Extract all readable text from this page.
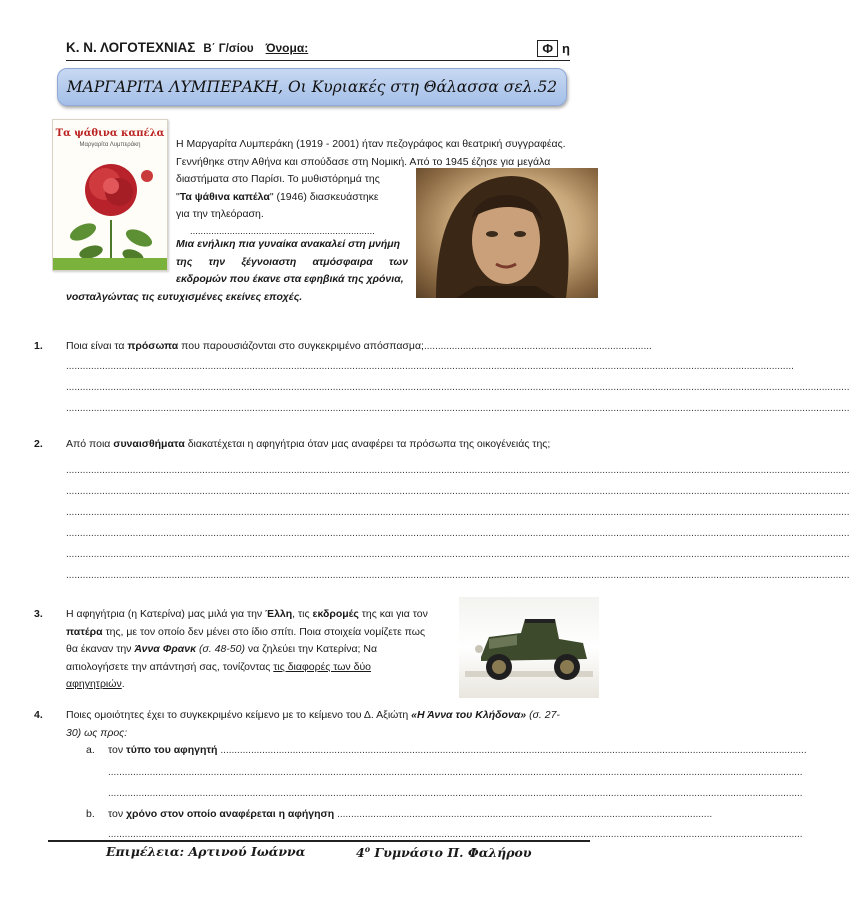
Κ. Ν. ΛΟΓΟΤΕΧΝΙΑΣ Β΄ Γ/σίου Όνομα:	Φ η
ΜΑΡΓΑΡΙΤΑ ΛΥΜΠΕΡΑΚΗ, Οι Κυριακές στη Θάλασσα σελ.52
Τα ψάθινα καπέλα
Μαργαρίτα Λυμπεράκη	Η Μαργαρίτα Λυμπεράκη (1919 - 2001) ήταν πεζογράφος και θεατρική συγγραφέας.

Γεννήθηκε στην Αθήνα και σπούδασε στη Νομική. Από το 1945 έζησε για μεγάλα

διαστήματα στο Παρίσι. Το μυθιστόρημά της

"Τα ψάθινα καπέλα" (1946) διασκευάστηκε

για την τηλεόραση.

......................................................................

Μια ενήλικη πια γυναίκα ανακαλεί στη μνήμη
της την ξέγνοιαστη ατμόσφαιρα των
εκδρομών που έκανε στα εφηβικά της χρόνια,
νοσταλγώντας τις ευτυχισμένες εκείνες εποχές.
1. Ποια είναι τα πρόσωπα που παρουσιάζονται στο συγκεκριμένο απόσπασμα;..................................................................................
......................................................................................................................................................................................................................................................................
..........................................................................................................................................................................................................................................................................................
..........................................................................................................................................................................................................................................................................................
2. Από ποια συναισθήματα διακατέχεται η αφηγήτρια όταν μας αναφέρει τα πρόσωπα της οικογένειάς της;
..........................................................................................................................................................................................................................................................................................
..........................................................................................................................................................................................................................................................................................
..........................................................................................................................................................................................................................................................................................
..........................................................................................................................................................................................................................................................................................
..........................................................................................................................................................................................................................................................................................
..........................................................................................................................................................................................................................................................................................
3. Η αφηγήτρια (η Κατερίνα) μας μιλά για την Έλλη, τις εκδρομές της και για τον
πατέρα της, με τον οποίο δεν μένει στο ίδιο σπίτι. Ποια στοιχεία νομίζετε πως
θα έκαναν την Άννα Φρανκ (σ. 48-50) να ζηλεύει την Κατερίνα; Να
αιτιολογήσετε την απάντησή σας, τονίζοντας τις διαφορές των δύο
αφηγητριών.
4. Ποιες ομοιότητες έχει το συγκεκριμένο κείμενο με το κείμενο του Δ. Αξιώτη «Η Άννα του Κλήδονα» (σ. 27-
30) ως προς:
a. τον τύπο του αφηγητή ...................................................................................................................................................................................................................
..........................................................................................................................................................................................................................................................
..........................................................................................................................................................................................................................................................
b. τον χρόνο στον οποίο αναφέρεται η αφήγηση .......................................................................................................................................
..........................................................................................................................................................................................................................................................
Επιμέλεια: Αρτινού Ιωάννα	$4^o$ Γυμνάσιο Π. Φαλήρου
